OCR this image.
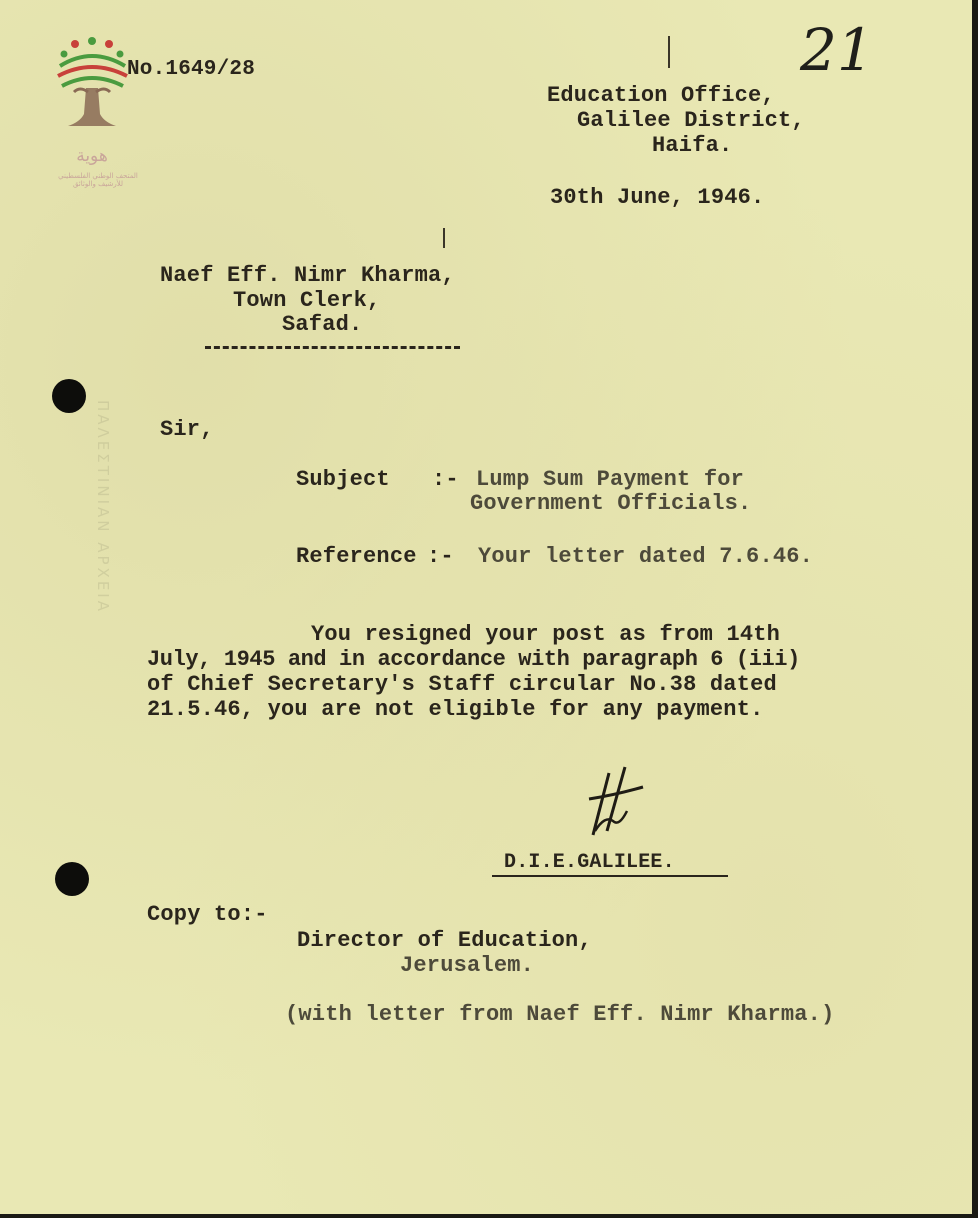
ΠΑΛΕΣΤΙΝΙΑΝ ΑΡΧΕΙΑ
هوية
المتحف الوطني الفلسطيني للأرشيف والوثائق
No.1649/28	21
Education Office,
Galilee District,
Haifa.
30th June, 1946.
Naef Eff. Nimr Kharma,
Town Clerk,
Safad.
Sir,
Subject :- Lump Sum Payment for
Government Officials.
Reference :- Your letter dated 7.6.46.
You resigned your post as from 14th
July, 1945 and in accordance with paragraph 6 (iii)
of Chief Secretary's Staff circular No.38 dated
21.5.46, you are not eligible for any payment.
D.I.E.GALILEE.
Copy to:-
Director of Education,
Jerusalem.
(with letter from Naef Eff. Nimr Kharma.)
